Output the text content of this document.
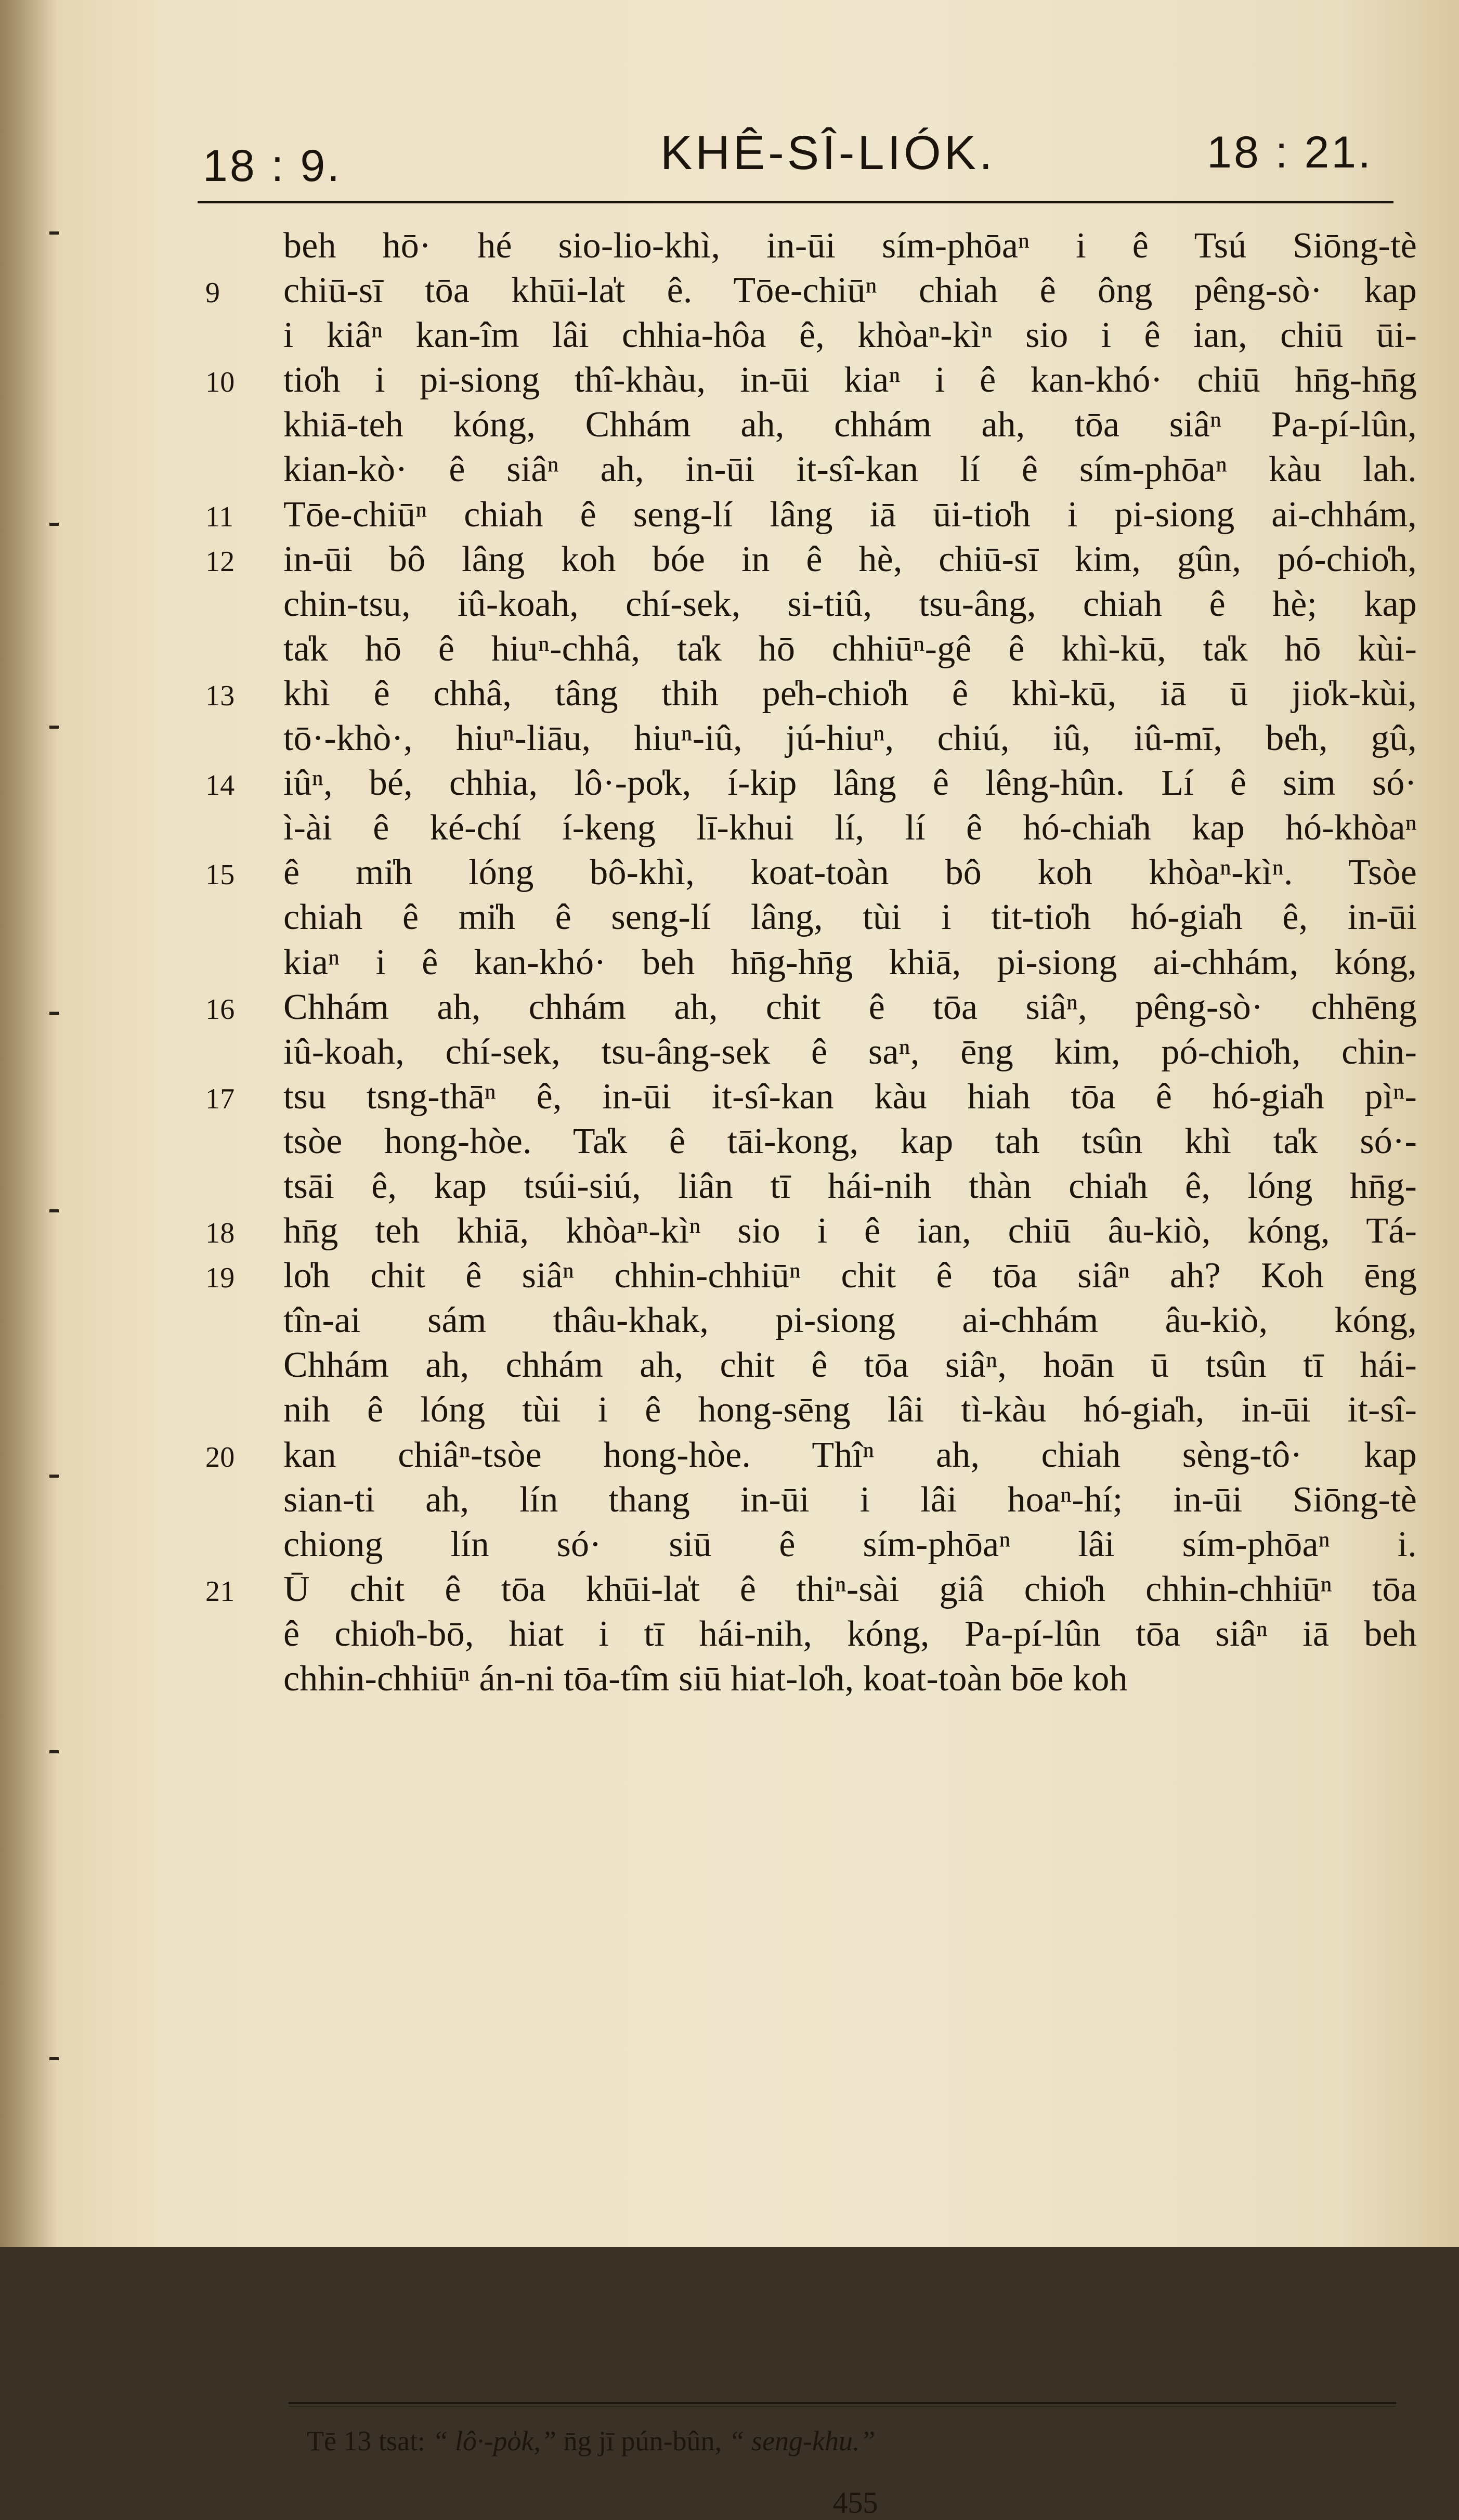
18 : 9.	KHÊ-SÎ-LIÓK.	18 : 21.
beh hō· hé sio-lio-khì, in-ūi sím-phōaⁿ i ê Tsú Siōng-tè
9	chiū-sī tōa khūi-la̍t ê. Tōe-chiūⁿ chiah ê ông pêng-sò· kap
i kiâⁿ kan-îm lâi chhia-hôa ê, khòaⁿ-kìⁿ sio i ê ian, chiū ūi-
10	tio̍h i pi-siong thî-khàu, in-ūi kiaⁿ i ê kan-khó· chiū hn̄g-hn̄g
khiā-teh kóng, Chhám ah, chhám ah, tōa siâⁿ Pa-pí-lûn,
kian-kò· ê siâⁿ ah, in-ūi it-sî-kan lí ê sím-phōaⁿ kàu lah.
11	Tōe-chiūⁿ chiah ê seng-lí lâng iā ūi-tio̍h i pi-siong ai-chhám,
12	in-ūi bô lâng koh bóe in ê hè, chiū-sī kim, gûn, pó-chio̍h,
chin-tsu, iû-koah, chí-sek, si-tiû, tsu-âng, chiah ê hè; kap
ta̍k hō ê hiuⁿ-chhâ, ta̍k hō chhiūⁿ-gê ê khì-kū, ta̍k hō kùi-
13	khì ê chhâ, tâng thih pe̍h-chio̍h ê khì-kū, iā ū jio̍k-kùi,
tō·-khò·, hiuⁿ-liāu, hiuⁿ-iû, jú-hiuⁿ, chiú, iû, iû-mī, be̍h, gû,
14	iûⁿ, bé, chhia, lô·-po̍k, í-kip lâng ê lêng-hûn. Lí ê sim só·
ì-ài ê ké-chí í-keng lī-khui lí, lí ê hó-chia̍h kap hó-khòaⁿ
15	ê mi̍h lóng bô-khì, koat-toàn bô koh khòaⁿ-kìⁿ. Tsòe
chiah ê mi̍h ê seng-lí lâng, tùi i tit-tio̍h hó-gia̍h ê, in-ūi
kiaⁿ i ê kan-khó· beh hn̄g-hn̄g khiā, pi-siong ai-chhám, kóng,
16	Chhám ah, chhám ah, chit ê tōa siâⁿ, pêng-sò· chhēng
iû-koah, chí-sek, tsu-âng-sek ê saⁿ, ēng kim, pó-chio̍h, chin-
17	tsu tsng-thāⁿ ê, in-ūi it-sî-kan kàu hiah tōa ê hó-gia̍h pìⁿ-
tsòe hong-hòe. Ta̍k ê tāi-kong, kap tah tsûn khì ta̍k só·-
tsāi ê, kap tsúi-siú, liân tī hái-nih thàn chia̍h ê, lóng hn̄g-
18	hn̄g teh khiā, khòaⁿ-kìⁿ sio i ê ian, chiū âu-kiò, kóng, Tá-
19	lo̍h chit ê siâⁿ chhin-chhiūⁿ chit ê tōa siâⁿ ah? Koh ēng
tîn-ai sám thâu-khak, pi-siong ai-chhám âu-kiò, kóng,
Chhám ah, chhám ah, chit ê tōa siâⁿ, hoān ū tsûn tī hái-
nih ê lóng tùi i ê hong-sēng lâi tì-kàu hó-gia̍h, in-ūi it-sî-
20	kan chiâⁿ-tsòe hong-hòe. Thîⁿ ah, chiah sèng-tô· kap
sian-ti ah, lín thang in-ūi i lâi hoaⁿ-hí; in-ūi Siōng-tè
chiong lín só· siū ê sím-phōaⁿ lâi sím-phōaⁿ i.
21	Ū chit ê tōa khūi-la̍t ê thiⁿ-sài giâ chio̍h chhin-chhiūⁿ tōa
ê chio̍h-bō, hiat i tī hái-nih, kóng, Pa-pí-lûn tōa siâⁿ iā beh
chhin-chhiūⁿ án-ni tōa-tîm siū hiat-lo̍h, koat-toàn bōe koh
Tē 13 tsat: “ lô·-po̍k,” n̄g jī pún-bûn, “ seng-khu.”
455
